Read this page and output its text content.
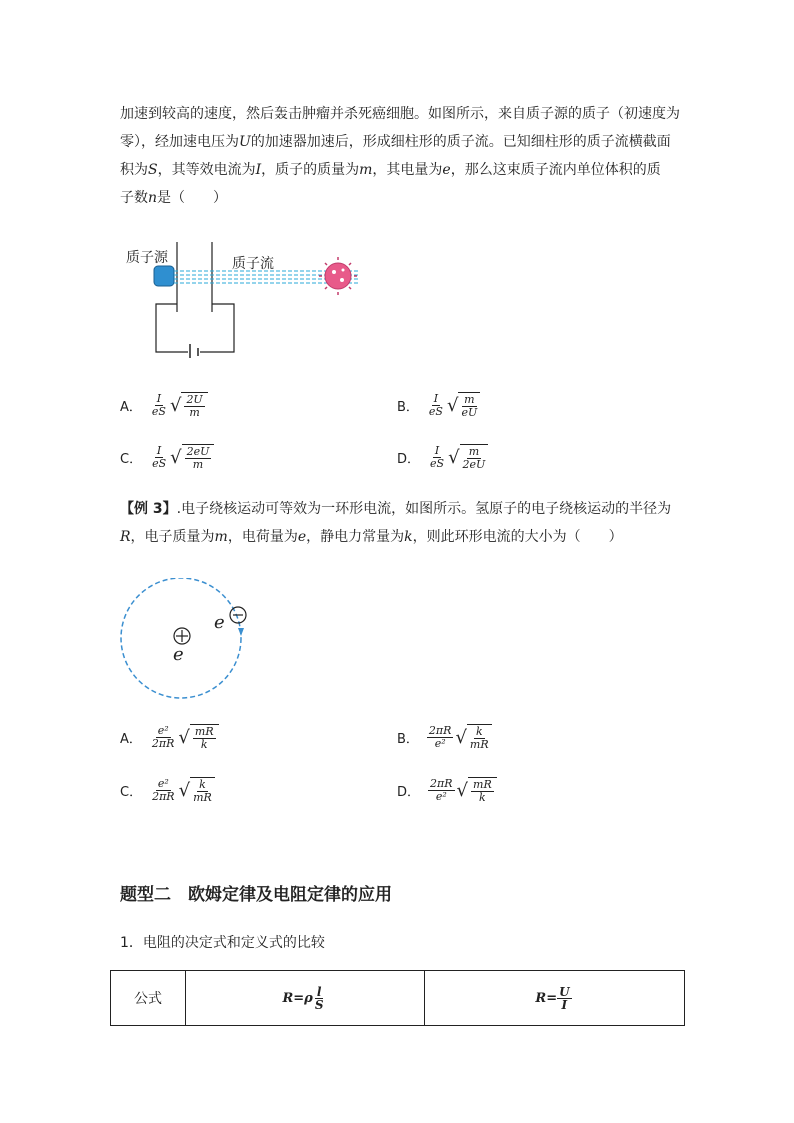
加速到较高的速度，然后轰击肿瘤并杀死癌细胞。如图所示，来自质子源的质子（初速度为
零），经加速电压为U的加速器加速后，形成细柱形的质子流。已知细柱形的质子流横截面
积为S，其等效电流为I，质子的质量为m，其电量为e，那么这束质子流内单位体积的质
子数n是（　　）
质子源	质子流
A． $\frac{I}{eS}$ √ 2U
m	B． $\frac{I}{eS}$ √ m
eU
C． $\frac{I}{eS}$ √ 2eU
m	D． $\frac{I}{eS}$ √ m
2eU
【例 3】.电子绕核运动可等效为一环形电流，如图所示。氢原子的电子绕核运动的半径为
R，电子质量为m，电荷量为e，静电力常量为k，则此环形电流的大小为（　　）
e
e
A． $\frac{\text{e²}}{2\pi R}$ √ mR
k	B． $\frac{2\pi R}{\text{e²}}$ √ k
mR
C． $\frac{\text{e²}}{2\pi R}$ √ k
mR	D． $\frac{2\pi R}{\text{e²}}$ √ mR
k
题型二　欧姆定律及电阻定律的应用
1．电阻的决定式和定义式的比较
公式	$R=\rho \frac{l}{S}$	$R= \frac{U}{I}$
